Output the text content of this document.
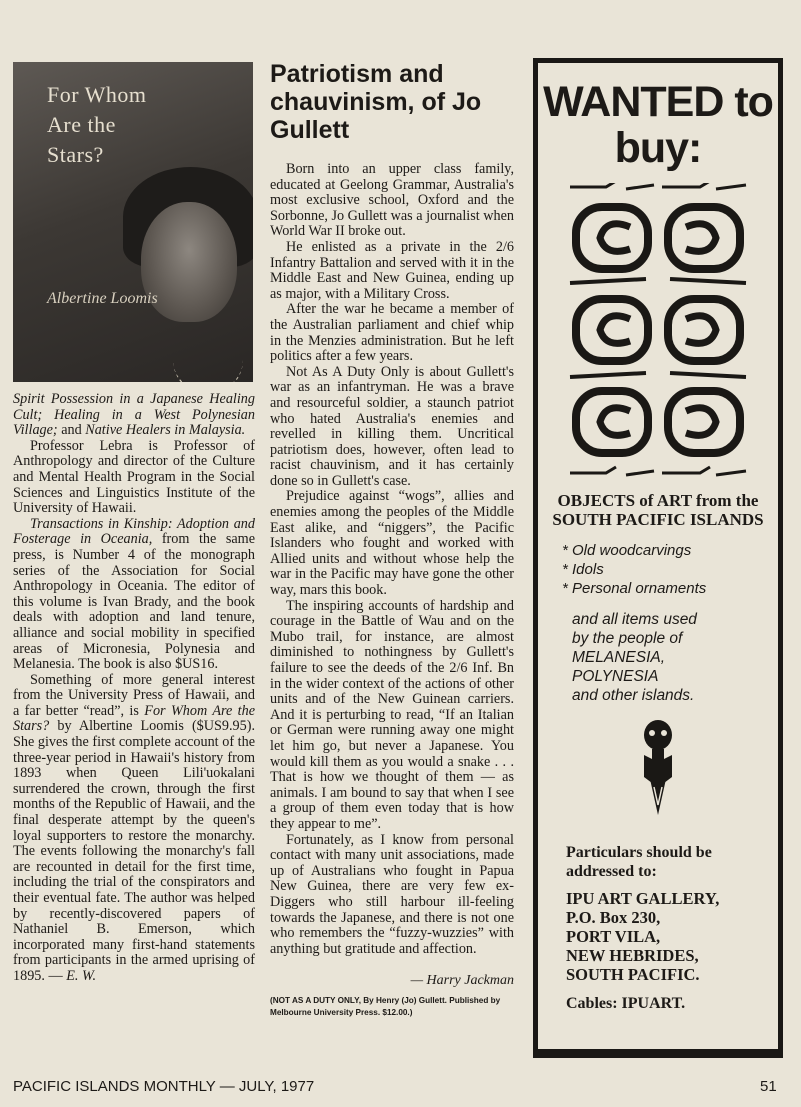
For Whom
Are the
Stars?
Albertine Loomis

Spirit Possession in a Japanese Healing Cult; Healing in a West Polynesian Village; and Native Healers in Malaysia.

Professor Lebra is Professor of Anthropology and director of the Culture and Mental Health Program in the Social Sciences and Linguistics Institute of the University of Hawaii.

Transactions in Kinship: Adoption and Fosterage in Oceania, from the same press, is Number 4 of the monograph series of the Association for Social Anthropology in Oceania. The editor of this volume is Ivan Brady, and the book deals with adoption and land tenure, alliance and social mobility in specified areas of Micronesia, Polynesia and Melanesia. The book is also $US16.

Something of more general interest from the University Press of Hawaii, and a far better “read”, is For Whom Are the Stars? by Albertine Loomis ($US9.95). She gives the first complete account of the three-year period in Hawaii's history from 1893 when Queen Lili'uokalani surrendered the crown, through the first months of the Republic of Hawaii, and the final desperate attempt by the queen's loyal supporters to restore the monarchy. The events following the monarchy's fall are recounted in detail for the first time, including the trial of the conspirators and their eventual fate. The author was helped by recently-discovered papers of Nathaniel B. Emerson, which incorporated many first-hand statements from participants in the armed uprising of 1895. — E. W.

Patriotism and chauvinism, of Jo Gullett

Born into an upper class family, educated at Geelong Grammar, Australia's most exclusive school, Oxford and the Sorbonne, Jo Gullett was a journalist when World War II broke out.

He enlisted as a private in the 2/6 Infantry Battalion and served with it in the Middle East and New Guinea, ending up as major, with a Military Cross.

After the war he became a member of the Australian parliament and chief whip in the Menzies administration. But he left politics after a few years.

Not As A Duty Only is about Gullett's war as an infantryman. He was a brave and resourceful soldier, a staunch patriot who hated Australia's enemies and revelled in killing them. Uncritical patriotism does, however, often lead to racist chauvinism, and it has certainly done so in Gullett's case.

Prejudice against “wogs”, allies and enemies among the peoples of the Middle East alike, and “niggers”, the Pacific Islanders who fought and worked with Allied units and without whose help the war in the Pacific may have gone the other way, mars this book.

The inspiring accounts of hardship and courage in the Battle of Wau and on the Mubo trail, for instance, are almost diminished to nothingness by Gullett's failure to see the deeds of the 2/6 Inf. Bn in the wider context of the actions of other units and of the New Guinean carriers. And it is perturbing to read, “If an Italian or German were running away one might let him go, but never a Japanese. You would kill them as you would a snake . . . That is how we thought of them — as animals. I am bound to say that when I see a group of them even today that is how they appear to me”.

Fortunately, as I know from personal contact with many unit associations, made up of Australians who fought in Papua New Guinea, there are very few ex-Diggers who still harbour ill-feeling towards the Japanese, and there is not one who remembers the “fuzzy-wuzzies” with anything but gratitude and affection.

— Harry Jackman
(NOT AS A DUTY ONLY, By Henry (Jo) Gullett. Published by Melbourne University Press. $12.00.)
WANTED to buy:
OBJECTS of ART from the SOUTH PACIFIC ISLANDS
* Old woodcarvings
* Idols
* Personal ornaments
and all items used
by the people of
MELANESIA,
POLYNESIA
and other islands.
Particulars should be
addressed to:
IPU ART GALLERY,
P.O. Box 230,
PORT VILA,
NEW HEBRIDES,
SOUTH PACIFIC.
Cables: IPUART.
PACIFIC ISLANDS MONTHLY — JULY, 1977	51
